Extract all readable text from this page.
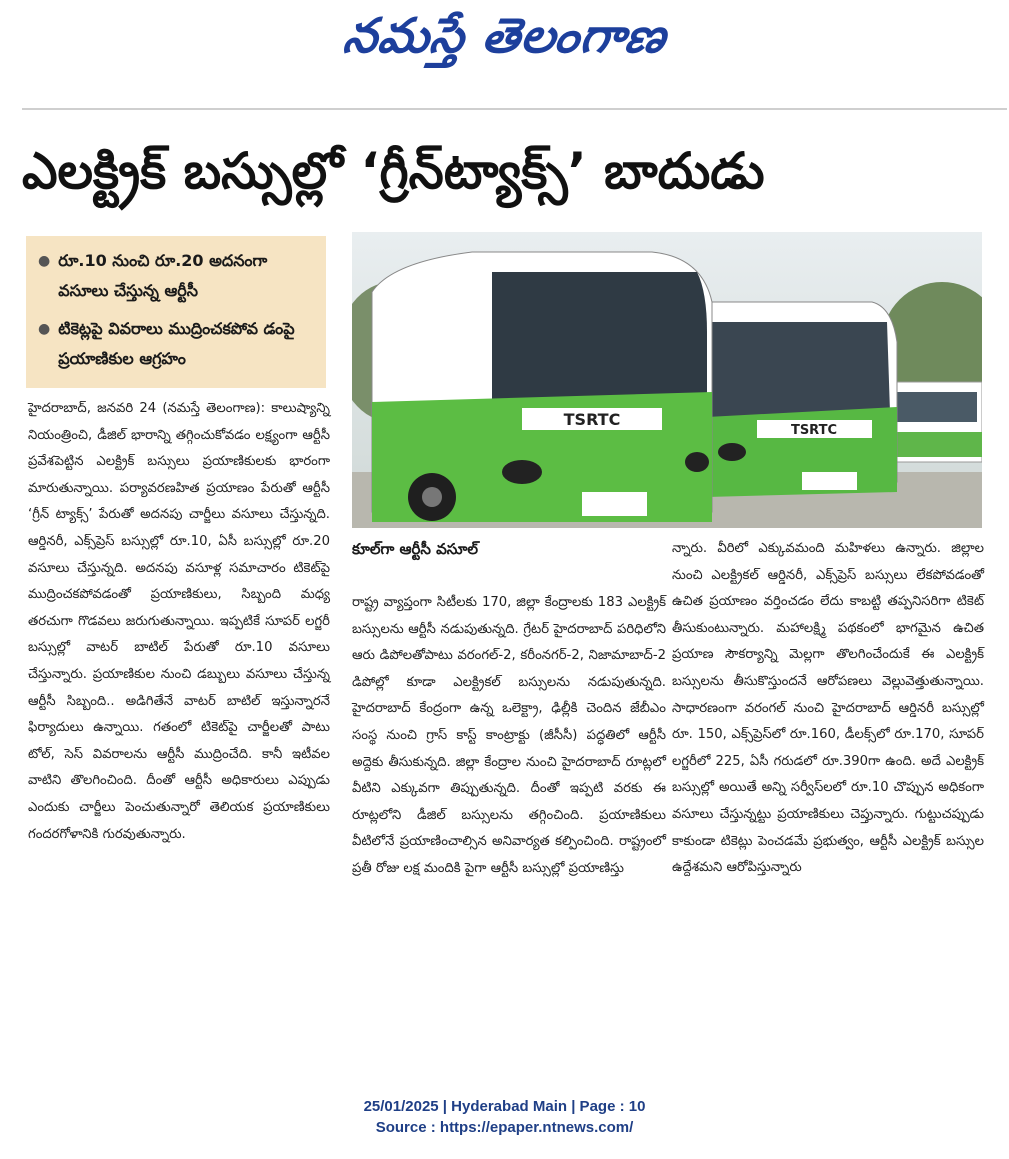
నమస్తే తెలంగాణ
ఎలక్ట్రిక్ బస్సుల్లో ‘గ్రీన్‌ట్యాక్స్’ బాదుడు
● రూ.10 నుంచి రూ.20 అదనంగా వసూలు చేస్తున్న ఆర్టీసీ
● టికెట్లపై వివరాలు ముద్రించకపోవ డంపై ప్రయాణికుల ఆగ్రహం
TSRTC
TSRTC
హైదరాబాద్, జనవరి 24 (నమస్తే తెలంగాణ): కాలుష్యాన్ని నియంత్రించి, డీజిల్ భారాన్ని తగ్గించుకోవడం లక్ష్యంగా ఆర్టీసీ ప్రవేశపెట్టిన ఎలక్ట్రిక్ బస్సులు ప్రయాణికులకు భారంగా మారుతున్నాయి. పర్యావరణహిత ప్రయాణం పేరుతో ఆర్టీసీ ‘గ్రీన్ ట్యాక్స్’ పేరుతో అదనపు చార్జీలు వసూలు చేస్తున్నది. ఆర్డినరీ, ఎక్స్‌ప్రెస్ బస్సుల్లో రూ.10, ఏసీ బస్సుల్లో రూ.20 వసూలు చేస్తున్నది. అదనపు వసూళ్ల సమాచారం టికెట్‌పై ముద్రించకపోవడంతో ప్రయాణికులు, సిబ్బంది మధ్య తరచుగా గొడవలు జరుగుతున్నాయి. ఇప్పటికే సూపర్ లగ్జరీ బస్సుల్లో వాటర్ బాటిల్ పేరుతో రూ.10 వసూలు చేస్తున్నారు. ప్రయాణికుల నుంచి డబ్బులు వసూలు చేస్తున్న ఆర్టీసీ సిబ్బంది.. అడిగితేనే వాటర్ బాటిల్ ఇస్తున్నారనే ఫిర్యాదులు ఉన్నాయి. గతంలో టికెట్‌పై చార్జీలతో పాటు టోల్, సెస్ వివరాలను ఆర్టీసీ ముద్రించేది. కానీ ఇటీవల వాటిని తొలగించింది. దీంతో ఆర్టీసీ అధికారులు ఎప్పుడు ఎందుకు చార్జీలు పెంచుతున్నారో తెలియక ప్రయాణికులు గందరగోళానికి గురవుతున్నారు.
కూల్‌గా ఆర్టీసీ వసూల్
రాష్ట్ర వ్యాప్తంగా సిటీలకు 170, జిల్లా కేంద్రాలకు 183 ఎలక్ట్రిక్ బస్సులను ఆర్టీసీ నడుపుతున్నది. గ్రేటర్ హైదరాబాద్ పరిధిలోని ఆరు డిపోలతోపాటు వరంగల్-2, కరీంనగర్-2, నిజామాబాద్-2 డిపోల్లో కూడా ఎలక్ట్రికల్ బస్సులను నడుపుతున్నది. హైదరాబాద్ కేంద్రంగా ఉన్న ఒలెక్ట్రా, ఢిల్లీకి చెందిన జేబీఎం సంస్థ నుంచి గ్రాస్ కాస్ట్ కాంట్రాక్టు (జీసీసీ) పద్ధతిలో ఆర్టీసీ అద్దెకు తీసుకున్నది. జిల్లా కేంద్రాల నుంచి హైదరాబాద్ రూట్లలో వీటిని ఎక్కువగా తిప్పుతున్నది. దీంతో ఇప్పటి వరకు ఈ రూట్లలోని డీజిల్ బస్సులను తగ్గించింది. ప్రయాణికులు వీటిలోనే ప్రయాణించాల్సిన అనివార్యత కల్పించింది. రాష్ట్రంలో ప్రతీ రోజు లక్ష మందికి పైగా ఆర్టీసీ బస్సుల్లో ప్రయాణిస్తు
న్నారు. వీరిలో ఎక్కువమంది మహిళలు ఉన్నారు. జిల్లాల నుంచి ఎలక్ట్రికల్ ఆర్డినరీ, ఎక్స్‌ప్రెస్ బస్సులు లేకపోవడంతో ఉచిత ప్రయాణం వర్తించడం లేదు కాబట్టి తప్పనిసరిగా టికెట్ తీసుకుంటున్నారు. మహాలక్ష్మి పథకంలో భాగమైన ఉచిత ప్రయాణ సౌకర్యాన్ని మెల్లగా తొలగించేందుకే ఈ ఎలక్ట్రిక్ బస్సులను తీసుకొస్తుందనే ఆరోపణలు వెల్లువెత్తుతున్నాయి. సాధారణంగా వరంగల్ నుంచి హైదరాబాద్ ఆర్డినరీ బస్సుల్లో రూ. 150, ఎక్స్‌ప్రెస్‌లో రూ.160, డీలక్స్‌లో రూ.170, సూపర్ లగ్జరీలో 225, ఏసీ గరుడలో రూ.390గా ఉంది. అదే ఎలక్ట్రిక్ బస్సుల్లో అయితే అన్ని సర్వీస్‌లలో రూ.10 చొప్పున అధికంగా వసూలు చేస్తున్నట్టు ప్రయాణికులు చెప్తున్నారు. గుట్టుచప్పుడు కాకుండా టికెట్లు పెంచడమే ప్రభుత్వం, ఆర్టీసీ ఎలక్ట్రిక్ బస్సుల ఉద్దేశమని ఆరోపిస్తున్నారు
25/01/2025 | Hyderabad Main | Page : 10
Source : https://epaper.ntnews.com/
